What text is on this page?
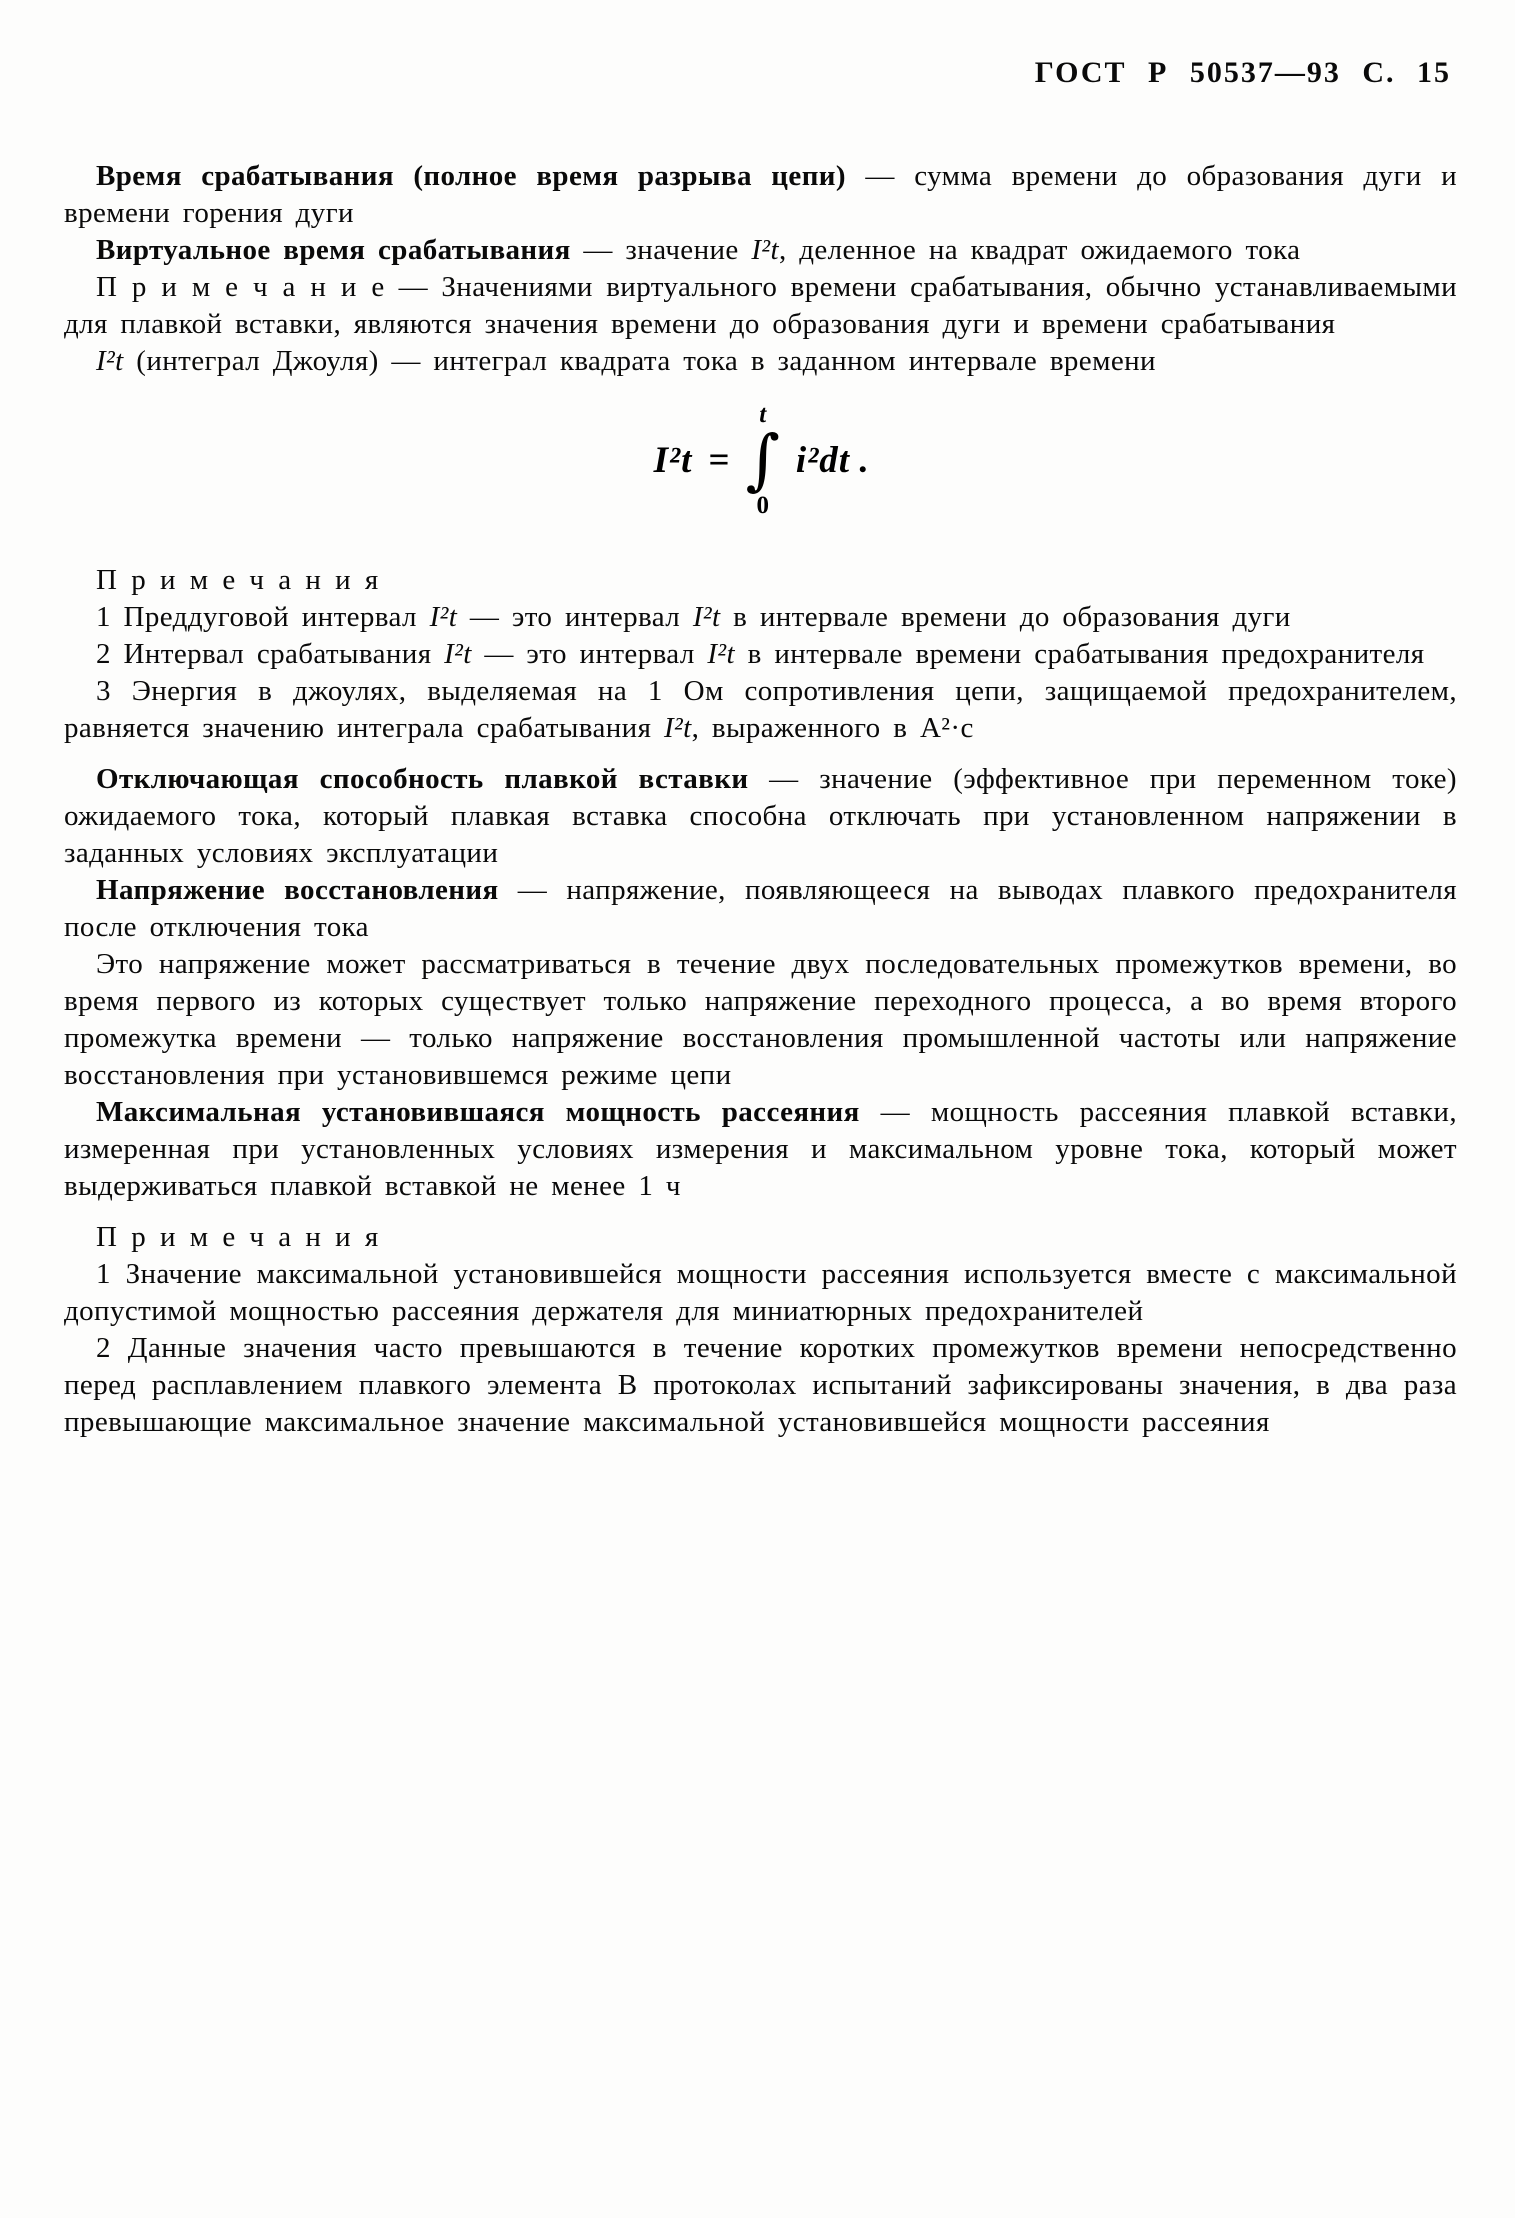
ГОСТ Р 50537—93 С. 15

Время срабатывания (полное время разрыва цепи) — сумма времени до образования дуги и времени горения дуги

Виртуальное время срабатывания — значение I²t, деленное на квадрат ожидаемого тока

П р и м е ч а н и е — Значениями виртуального времени срабатывания, обычно устанавливаемыми для плавкой вставки, являются значения времени до образования дуги и времени срабатывания

I²t (интеграл Джоуля) — интеграл квадрата тока в заданном интервале времени

I²t =
t
∫
0
i²dt .

П р и м е ч а н и я

1 Преддуговой интервал I²t — это интервал I²t в интервале времени до образования дуги

2 Интервал срабатывания I²t — это интервал I²t в интервале времени срабатывания предохранителя

3 Энергия в джоулях, выделяемая на 1 Ом сопротивления цепи, защищаемой предохранителем, равняется значению интеграла срабатывания I²t, выраженного в А²·с

Отключающая способность плавкой вставки — значение (эффективное при переменном токе) ожидаемого тока, который плавкая вставка способна отключать при установленном напряжении в заданных условиях эксплуатации

Напряжение восстановления — напряжение, появляющееся на выводах плавкого предохранителя после отключения тока

Это напряжение может рассматриваться в течение двух последовательных промежутков времени, во время первого из которых существует только напряжение переходного процесса, а во время второго промежутка времени — только напряжение восстановления промышленной частоты или напряжение восстановления при установившемся режиме цепи

Максимальная установившаяся мощность рассеяния — мощность рассеяния плавкой вставки, измеренная при установленных условиях измерения и максимальном уровне тока, который может выдерживаться плавкой вставкой не менее 1 ч

П р и м е ч а н и я

1 Значение максимальной установившейся мощности рассеяния используется вместе с максимальной допустимой мощностью рассеяния держателя для миниатюрных предохранителей

2 Данные значения часто превышаются в течение коротких промежутков времени непосредственно перед расплавлением плавкого элемента В протоколах испытаний зафиксированы значения, в два раза превышающие максимальное значение максимальной установившейся мощности рассеяния
